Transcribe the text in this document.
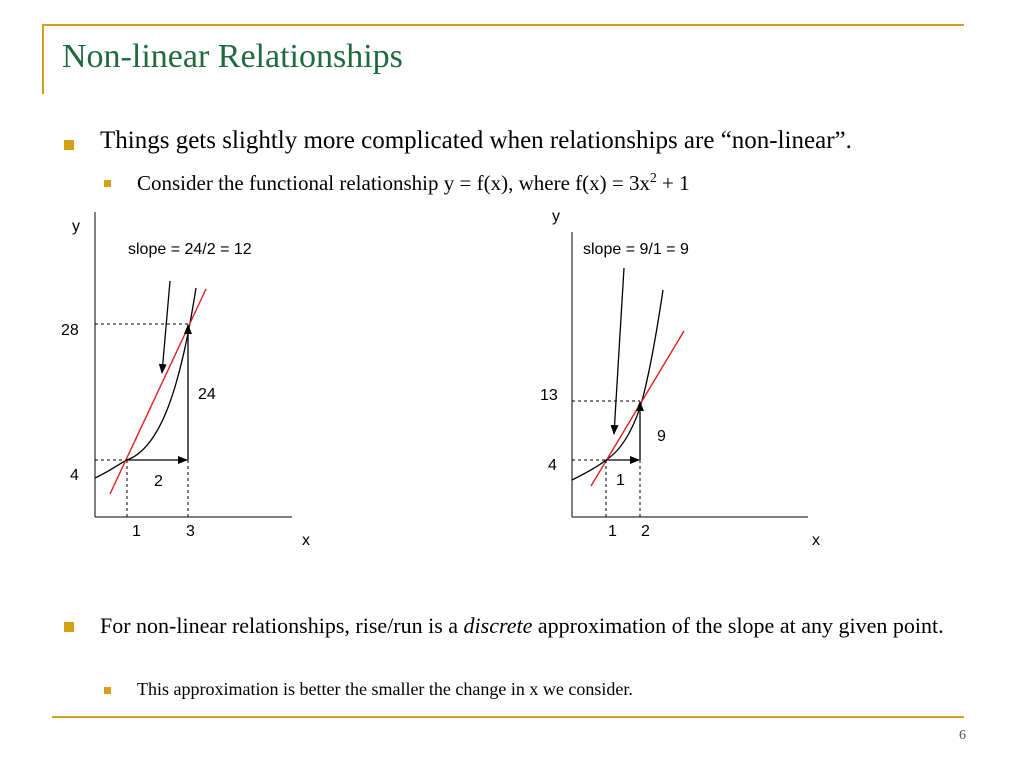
Non-linear Relationships
Things gets slightly more complicated when relationships are “non-linear”.
Consider the functional relationship y = f(x), where $f(x) = 3x^2 + 1$
slope = 24/2 = 12
y
x
28
4
1	3
24
2
slope = 9/1 = 9
y
x
13
4
1 2
9
1
For non-linear relationships, rise/run is a discrete approximation of the slope at any given point.
This approximation is better the smaller the change in x we consider.
6
